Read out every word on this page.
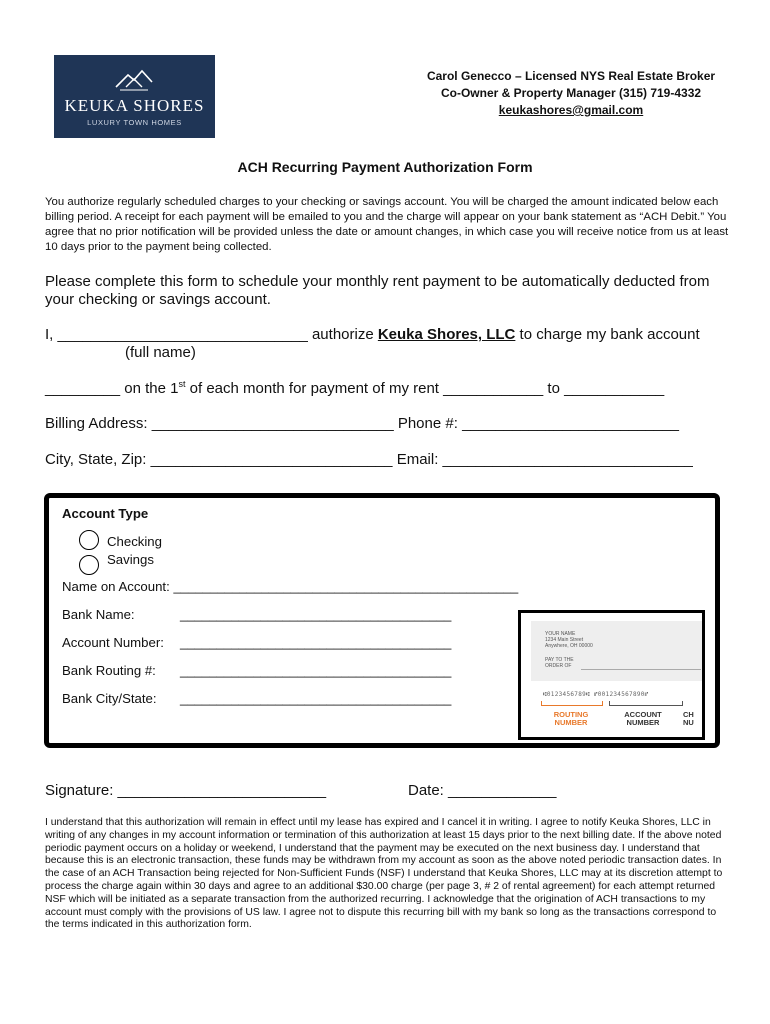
KEUKA SHORES
LUXURY TOWN HOMES
Carol Genecco – Licensed NYS Real Estate Broker
Co-Owner & Property Manager (315) 719-4332
keukashores@gmail.com
ACH Recurring Payment Authorization Form
You authorize regularly scheduled charges to your checking or savings account. You will be charged the amount indicated below each billing period. A receipt for each payment will be emailed to you and the charge will appear on your bank statement as “ACH Debit.” You agree that no prior notification will be provided unless the date or amount changes, in which case you will receive notice from us at least 10 days prior to the payment being collected.
Please complete this form to schedule your monthly rent payment to be automatically deducted from your checking or savings account.
I, ______________________________ authorize Keuka Shores, LLC to charge my bank account
(full name)
_________ on the 1st of each month for payment of my rent ____________ to ____________
Billing Address: _____________________________ Phone #: __________________________
City, State, Zip: _____________________________ Email: ______________________________
Account Type
Checking
Savings
Name on Account: _______________________________________________
Bank Name:	_____________________________________
Account Number: _____________________________________
Bank Routing #: _____________________________________
Bank City/State: _____________________________________
YOUR NAME
1234 Main Street
Anywhere, OH 00000
PAY TO THE
ORDER OF
⑆0123456789⑆ ⑈001234567890⑈
ROUTING
NUMBER
ACCOUNT
NUMBER
CH
NU
Signature: _________________________	Date: _____________
I understand that this authorization will remain in effect until my lease has expired and I cancel it in writing. I agree to notify Keuka Shores, LLC in writing of any changes in my account information or termination of this authorization at least 15 days prior to the next billing date. If the above noted periodic payment occurs on a holiday or weekend, I understand that the payment may be executed on the next business day. I understand that because this is an electronic transaction, these funds may be withdrawn from my account as soon as the above noted periodic transaction dates. In the case of an ACH Transaction being rejected for Non-Sufficient Funds (NSF) I understand that Keuka Shores, LLC may at its discretion attempt to process the charge again within 30 days and agree to an additional $30.00 charge (per page 3, # 2 of rental agreement) for each attempt returned NSF which will be initiated as a separate transaction from the authorized recurring. I acknowledge that the origination of ACH transactions to my account must comply with the provisions of US law. I agree not to dispute this recurring bill with my bank so long as the transactions correspond to the terms indicated in this authorization form.
